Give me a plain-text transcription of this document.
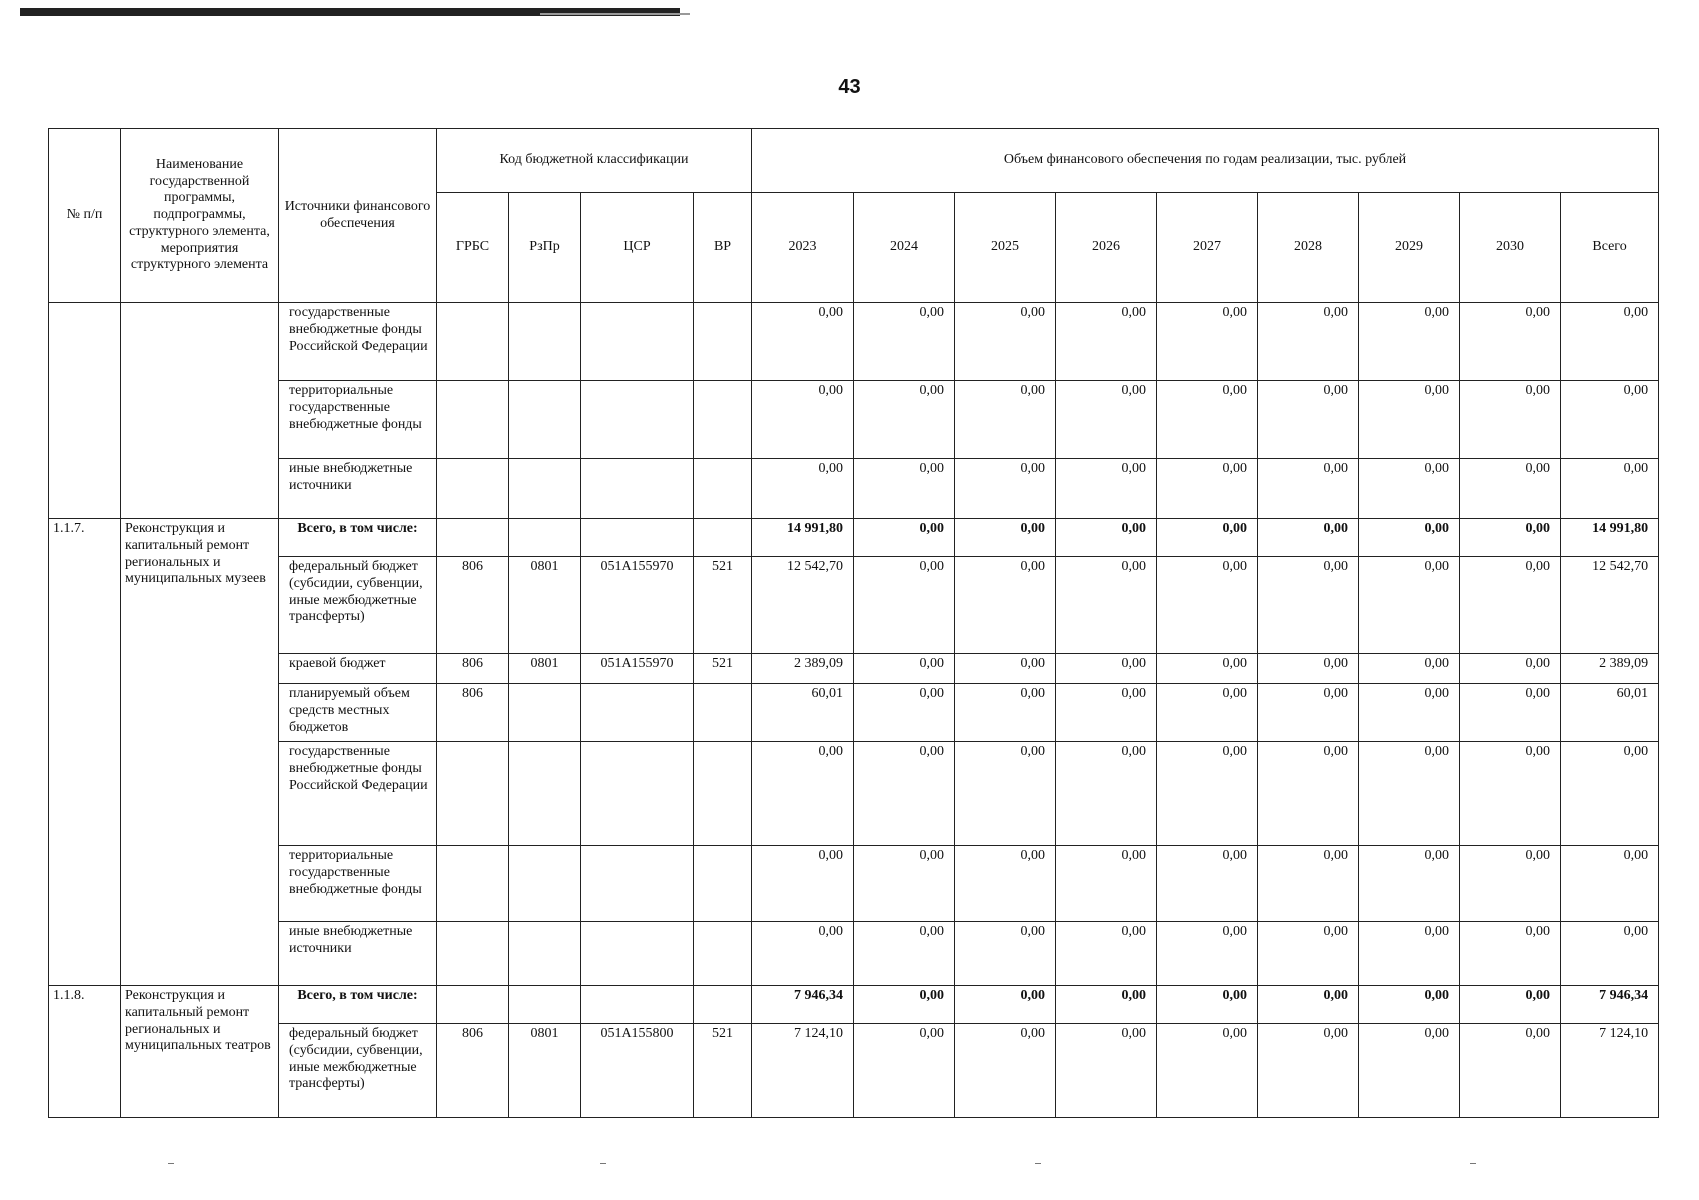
43
№ п/п	Наименование государственной программы, подпрограммы, структурного элемента, мероприятия структурного элемента	Источники финансового обеспечения	Код бюджетной классификации				Объем финансового обеспечения по годам реализации, тыс. рублей								
			ГРБС	РзПр	ЦСР	ВР	2023	2024	2025	2026	2027	2028	2029	2030	Всего
		государственные внебюджетные фонды Российской Федерации					0,00	0,00	0,00	0,00	0,00	0,00	0,00	0,00	0,00
		территориальные государственные внебюджетные фонды					0,00	0,00	0,00	0,00	0,00	0,00	0,00	0,00	0,00
		иные внебюджетные источники					0,00	0,00	0,00	0,00	0,00	0,00	0,00	0,00	0,00
1.1.7.	Реконструкция и капитальный ремонт региональных и муниципальных музеев	Всего, в том числе:					14 991,80	0,00	0,00	0,00	0,00	0,00	0,00	0,00	14 991,80
		федеральный бюджет (субсидии, субвенции, иные межбюджетные трансферты)	806	0801	051А155970	521	12 542,70	0,00	0,00	0,00	0,00	0,00	0,00	0,00	12 542,70
		краевой бюджет	806	0801	051А155970	521	2 389,09	0,00	0,00	0,00	0,00	0,00	0,00	0,00	2 389,09
		планируемый объем средств местных бюджетов	806				60,01	0,00	0,00	0,00	0,00	0,00	0,00	0,00	60,01
		государственные внебюджетные фонды Российской Федерации					0,00	0,00	0,00	0,00	0,00	0,00	0,00	0,00	0,00
		территориальные государственные внебюджетные фонды					0,00	0,00	0,00	0,00	0,00	0,00	0,00	0,00	0,00
		иные внебюджетные источники					0,00	0,00	0,00	0,00	0,00	0,00	0,00	0,00	0,00
1.1.8.	Реконструкция и капитальный ремонт региональных и муниципальных театров	Всего, в том числе:					7 946,34	0,00	0,00	0,00	0,00	0,00	0,00	0,00	7 946,34
		федеральный бюджет (субсидии, субвенции, иные межбюджетные трансферты)	806	0801	051А155800	521	7 124,10	0,00	0,00	0,00	0,00	0,00	0,00	0,00	7 124,10
